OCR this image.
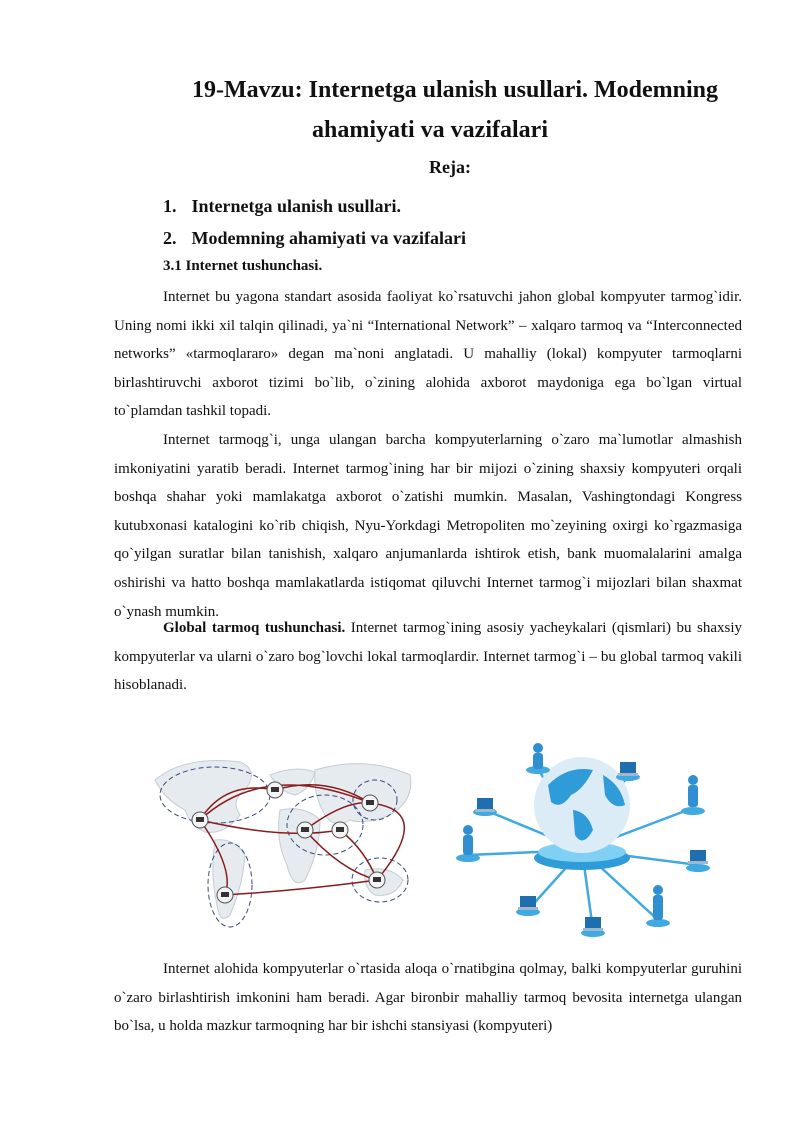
19-Mavzu: Internetga ulanish usullari. Modemning
ahamiyati va vazifalari
Reja:
1. Internetga ulanish usullari.
2. Modemning ahamiyati va vazifalari
3.1 Internet tushunchasi.

Internet bu yagona standart asosida faoliyat ko`rsatuvchi jahon global kompyuter tarmog`idir. Uning nomi ikki xil talqin qilinadi, ya`ni “International Network” – xalqaro tarmoq va “Interconnected networks” «tarmoqlararo» degan ma`noni anglatadi. U mahalliy (lokal) kompyuter tarmoqlarni birlashtiruvchi axborot tizimi bo`lib, o`zining alohida axborot maydoniga ega bo`lgan virtual to`plamdan tashkil topadi.

Internet tarmoqg`i, unga ulangan barcha kompyuterlarning o`zaro ma`lumotlar almashish imkoniyatini yaratib beradi. Internet tarmog`ining har bir mijozi o`zining shaxsiy kompyuteri orqali boshqa shahar yoki mamlakatga axborot o`zatishi mumkin. Masalan, Vashingtondagi Kongress kutubxonasi katalogini ko`rib chiqish, Nyu-Yorkdagi Metropoliten mo`zeyining oxirgi ko`rgazmasiga qo`yilgan suratlar bilan tanishish, xalqaro anjumanlarda ishtirok etish, bank muomalalarini amalga oshirishi va hatto boshqa mamlakatlarda istiqomat qiluvchi Internet tarmog`i mijozlari bilan shaxmat o`ynash mumkin.

Global tarmoq tushunchasi. Internet tarmog`ining asosiy yacheykalari (qismlari) bu shaxsiy kompyuterlar va ularni o`zaro bog`lovchi lokal tarmoqlardir. Internet tarmog`i – bu global tarmoq vakili hisoblanadi.

Internet alohida kompyuterlar o`rtasida aloqa o`rnatibgina qolmay, balki kompyuterlar guruhini o`zaro birlashtirish imkonini ham beradi. Agar bironbir mahalliy tarmoq bevosita internetga ulangan bo`lsa, u holda mazkur tarmoqning har bir ishchi stansiyasi (kompyuteri)
